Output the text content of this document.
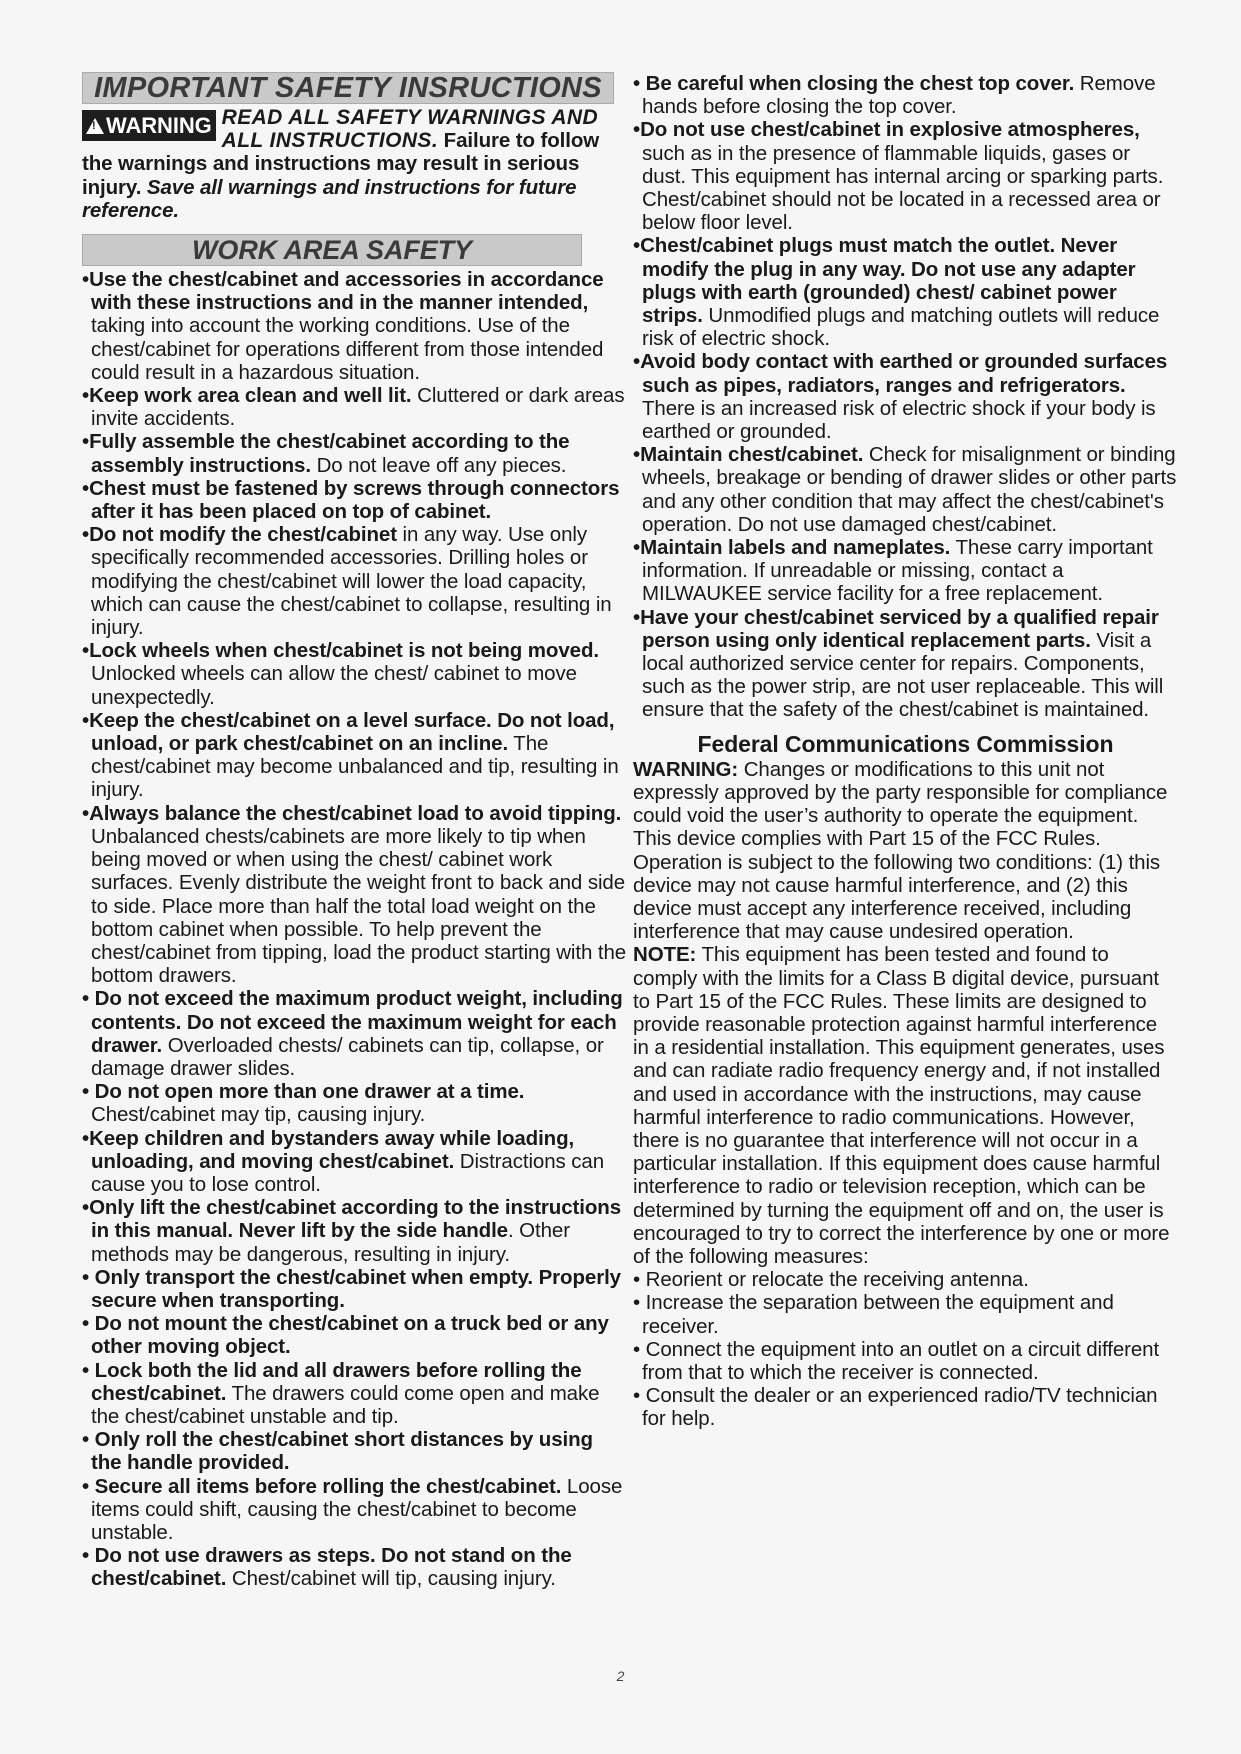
IMPORTANT SAFETY INSRUCTIONS
!
WARNING READ ALL SAFETY WARNINGS AND ALL INSTRUCTIONS. Failure to follow the warnings and instructions may result in serious injury. Save all warnings and instructions for future reference.
WORK AREA SAFETY

•Use the chest/cabinet and accessories in accordance with these instructions and in the manner intended, taking into account the working conditions. Use of the chest/cabinet for operations different from those intended could result in a hazardous situation.

•Keep work area clean and well lit. Cluttered or dark areas invite accidents.

•Fully assemble the chest/cabinet according to the assembly instructions. Do not leave off any pieces.

•Chest must be fastened by screws through connectors after it has been placed on top of cabinet.

•Do not modify the chest/cabinet in any way. Use only specifically recommended accessories. Drilling holes or modifying the chest/cabinet will lower the load capacity, which can cause the chest/cabinet to collapse, resulting in injury.

•Lock wheels when chest/cabinet is not being moved. Unlocked wheels can allow the chest/ cabinet to move unexpectedly.

•Keep the chest/cabinet on a level surface. Do not load, unload, or park chest/cabinet on an incline. The chest/cabinet may become unbalanced and tip, resulting in injury.

•Always balance the chest/cabinet load to avoid tipping. Unbalanced chests/cabinets are more likely to tip when being moved or when using the chest/ cabinet work surfaces. Evenly distribute the weight front to back and side to side. Place more than half the total load weight on the bottom cabinet when possible. To help prevent the chest/cabinet from tipping, load the product starting with the bottom drawers.

• Do not exceed the maximum product weight, including contents. Do not exceed the maximum weight for each drawer. Overloaded chests/ cabinets can tip, collapse, or damage drawer slides.

• Do not open more than one drawer at a time. Chest/cabinet may tip, causing injury.

•Keep children and bystanders away while loading, unloading, and moving chest/cabinet. Distractions can cause you to lose control.

•Only lift the chest/cabinet according to the instructions in this manual. Never lift by the side handle. Other methods may be dangerous, resulting in injury.

• Only transport the chest/cabinet when empty. Properly secure when transporting.

• Do not mount the chest/cabinet on a truck bed or any other moving object.

• Lock both the lid and all drawers before rolling the chest/cabinet. The drawers could come open and make the chest/cabinet unstable and tip.

• Only roll the chest/cabinet short distances by using the handle provided.

• Secure all items before rolling the chest/cabinet. Loose items could shift, causing the chest/cabinet to become unstable.

• Do not use drawers as steps. Do not stand on the chest/cabinet. Chest/cabinet will tip, causing injury.

• Be careful when closing the chest top cover. Remove hands before closing the top cover.

•Do not use chest/cabinet in explosive atmospheres, such as in the presence of flammable liquids, gases or dust. This equipment has internal arcing or sparking parts. Chest/cabinet should not be located in a recessed area or below floor level.

•Chest/cabinet plugs must match the outlet. Never modify the plug in any way. Do not use any adapter plugs with earth (grounded) chest/ cabinet power strips. Unmodified plugs and matching outlets will reduce risk of electric shock.

•Avoid body contact with earthed or grounded surfaces such as pipes, radiators, ranges and refrigerators. There is an increased risk of electric shock if your body is earthed or grounded.

•Maintain chest/cabinet. Check for misalignment or binding wheels, breakage or bending of drawer slides or other parts and any other condition that may affect the chest/cabinet's operation. Do not use damaged chest/cabinet.

•Maintain labels and nameplates. These carry important information. If unreadable or missing, contact a MILWAUKEE service facility for a free replacement.

•Have your chest/cabinet serviced by a qualified repair person using only identical replacement parts. Visit a local authorized service center for repairs. Components, such as the power strip, are not user replaceable. This will ensure that the safety of the chest/cabinet is maintained.

Federal Communications Commission

WARNING: Changes or modifications to this unit not expressly approved by the party responsible for compliance could void the user’s authority to operate the equipment.

This device complies with Part 15 of the FCC Rules. Operation is subject to the following two conditions: (1) this device may not cause harmful interference, and (2) this device must accept any interference received, including interference that may cause undesired operation.

NOTE: This equipment has been tested and found to comply with the limits for a Class B digital device, pursuant to Part 15 of the FCC Rules. These limits are designed to provide reasonable protection against harmful interference in a residential installation. This equipment generates, uses and can radiate radio frequency energy and, if not installed and used in accordance with the instructions, may cause harmful interference to radio communications. However, there is no guarantee that interference will not occur in a particular installation. If this equipment does cause harmful interference to radio or television reception, which can be determined by turning the equipment off and on, the user is encouraged to try to correct the interference by one or more of the following measures:

• Reorient or relocate the receiving antenna.

• Increase the separation between the equipment and receiver.

• Connect the equipment into an outlet on a circuit different from that to which the receiver is connected.

• Consult the dealer or an experienced radio/TV technician for help.

2
